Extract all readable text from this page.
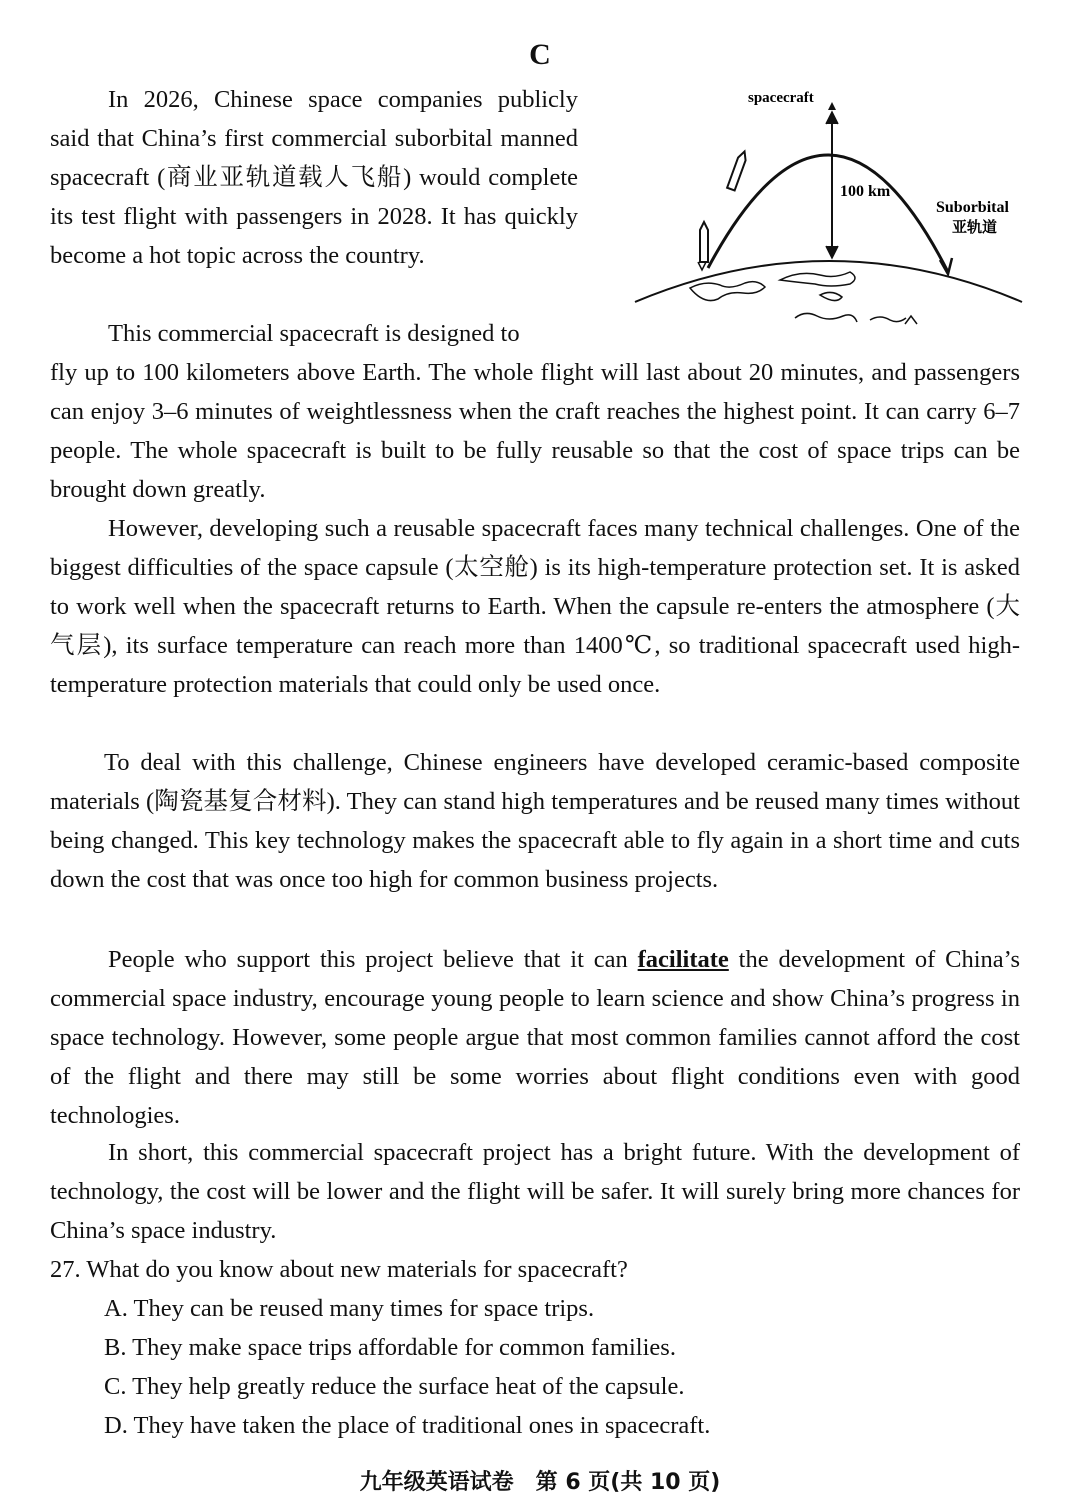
C
In 2026, Chinese space companies publicly said that China’s first commercial suborbital manned spacecraft (商业亚轨道载人飞船) would complete its test flight with passengers in 2028. It has quickly become a hot topic across the country.
This commercial spacecraft is designed to
spacecraft
100 km
Suborbital
亚轨道
fly up to 100 kilometers above Earth. The whole flight will last about 20 minutes, and passengers can enjoy 3–6 minutes of weightlessness when the craft reaches the highest point. It can carry 6–7 people. The whole spacecraft is built to be fully reusable so that the cost of space trips can be brought down greatly.
However, developing such a reusable spacecraft faces many technical challenges. One of the biggest difficulties of the space capsule (太空舱) is its high-temperature protection set. It is asked to work well when the spacecraft returns to Earth. When the capsule re-enters the atmosphere (大气层), its surface temperature can reach more than 1400℃, so traditional spacecraft used high-temperature protection materials that could only be used once.
To deal with this challenge, Chinese engineers have developed ceramic-based composite materials (陶瓷基复合材料). They can stand high temperatures and be reused many times without being changed. This key technology makes the spacecraft able to fly again in a short time and cuts down the cost that was once too high for common business projects.
People who support this project believe that it can facilitate the development of China’s commercial space industry, encourage young people to learn science and show China’s progress in space technology. However, some people argue that most common families cannot afford the cost of the flight and there may still be some worries about flight conditions even with good technologies.
In short, this commercial spacecraft project has a bright future. With the development of technology, the cost will be lower and the flight will be safer. It will surely bring more chances for China’s space industry.
27. What do you know about new materials for spacecraft?
A. They can be reused many times for space trips.
B. They make space trips affordable for common families.
C. They help greatly reduce the surface heat of the capsule.
D. They have taken the place of traditional ones in spacecraft.
九年级英语试卷　第 6 页(共 10 页)
